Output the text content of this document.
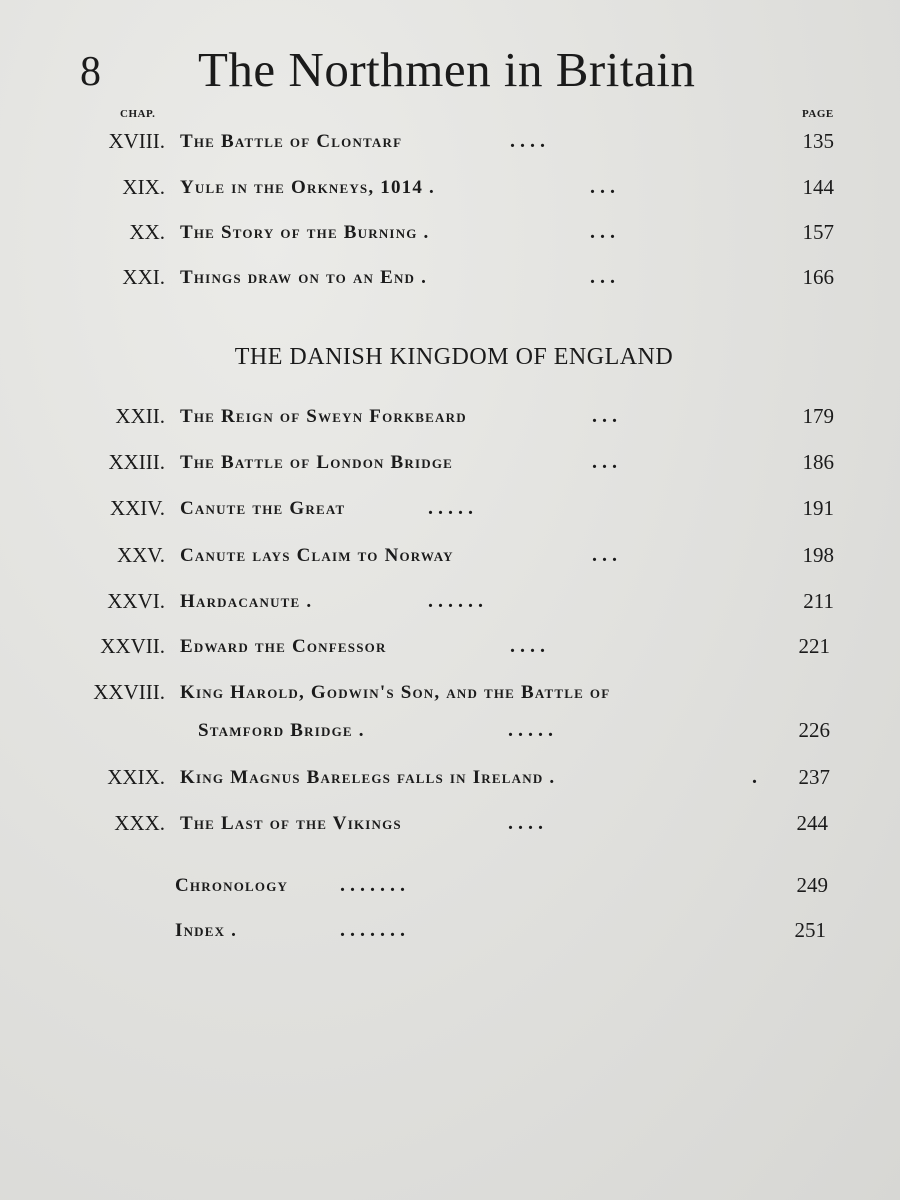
8 The Northmen in Britain
CHAP.	PAGE
XVIII. The Battle of Clontarf	. . . .	135
XIX. Yule in the Orkneys, 1014 .	. . .	144
XX. The Story of the Burning .	. . .	157
XXI. Things draw on to an End .	. . .	166
THE DANISH KINGDOM OF ENGLAND
XXII. The Reign of Sweyn Forkbeard	. . .	179
XXIII. The Battle of London Bridge	. . .	186
XXIV. Canute the Great	. . . . .	191
XXV. Canute lays Claim to Norway	. . .	198
XXVI. Hardacanute .	. . . . . .	211
XXVII. Edward the Confessor	. . . .	221
XXVIII. King Harold, Godwin's Son, and the Battle of
Stamford Bridge .	. . . . .	226
XXIX. King Magnus Barelegs falls in Ireland .	. 237
XXX. The Last of the Vikings	. . . .	244
Chronology	. . . . . . .	249
Index .	. . . . . . .	251
